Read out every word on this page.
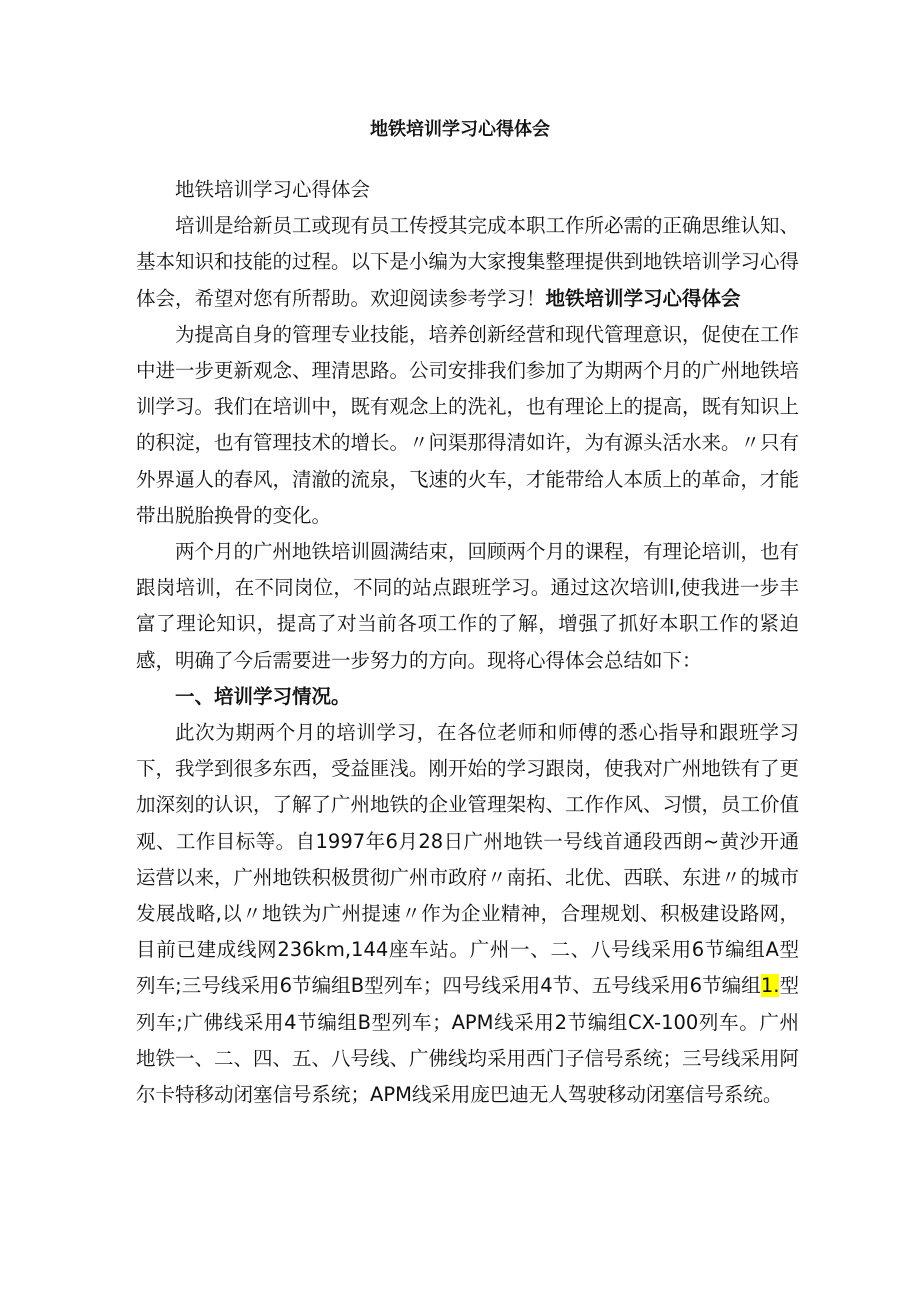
地铁培训学习心得体会

地铁培训学习心得体会

培训是给新员工或现有员工传授其完成本职工作所必需的正确思维认知、基本知识和技能的过程。以下是小编为大家搜集整理提供到地铁培训学习心得体会，希望对您有所帮助。欢迎阅读参考学习！地铁培训学习心得体会

为提高自身的管理专业技能，培养创新经营和现代管理意识，促使在工作中进一步更新观念、理清思路。公司安排我们参加了为期两个月的广州地铁培训学习。我们在培训中，既有观念上的洗礼，也有理论上的提高，既有知识上的积淀，也有管理技术的增长。〃问渠那得清如许，为有源头活水来。〃只有外界逼人的春风，清澈的流泉，飞速的火车，才能带给人本质上的革命，才能带出脱胎换骨的变化。

两个月的广州地铁培训圆满结束，回顾两个月的课程，有理论培训，也有跟岗培训，在不同岗位，不同的站点跟班学习。通过这次培训l,使我进一步丰富了理论知识，提高了对当前各项工作的了解，增强了抓好本职工作的紧迫感，明确了今后需要进一步努力的方向。现将心得体会总结如下：

一、培训学习情况。

此次为期两个月的培训学习，在各位老师和师傅的悉心指导和跟班学习下，我学到很多东西，受益匪浅。刚开始的学习跟岗，使我对广州地铁有了更加深刻的认识，了解了广州地铁的企业管理架构、工作作风、习惯，员工价值观、工作目标等。自1997年6月28日广州地铁一号线首通段西朗~黄沙开通运营以来，广州地铁积极贯彻广州市政府〃南拓、北优、西联、东进〃的城市发展战略,以〃地铁为广州提速〃作为企业精神，合理规划、积极建设路网，目前已建成线网236km,144座车站。广州一、二、八号线采用6节编组A型列车;三号线采用6节编组B型列车；四号线采用4节、五号线采用6节编组1.型列车;广佛线采用4节编组B型列车；APM线采用2节编组CX-100列车。广州地铁一、二、四、五、八号线、广佛线均采用西门子信号系统；三号线采用阿尔卡特移动闭塞信号系统；APM线采用庞巴迪无人驾驶移动闭塞信号系统。
